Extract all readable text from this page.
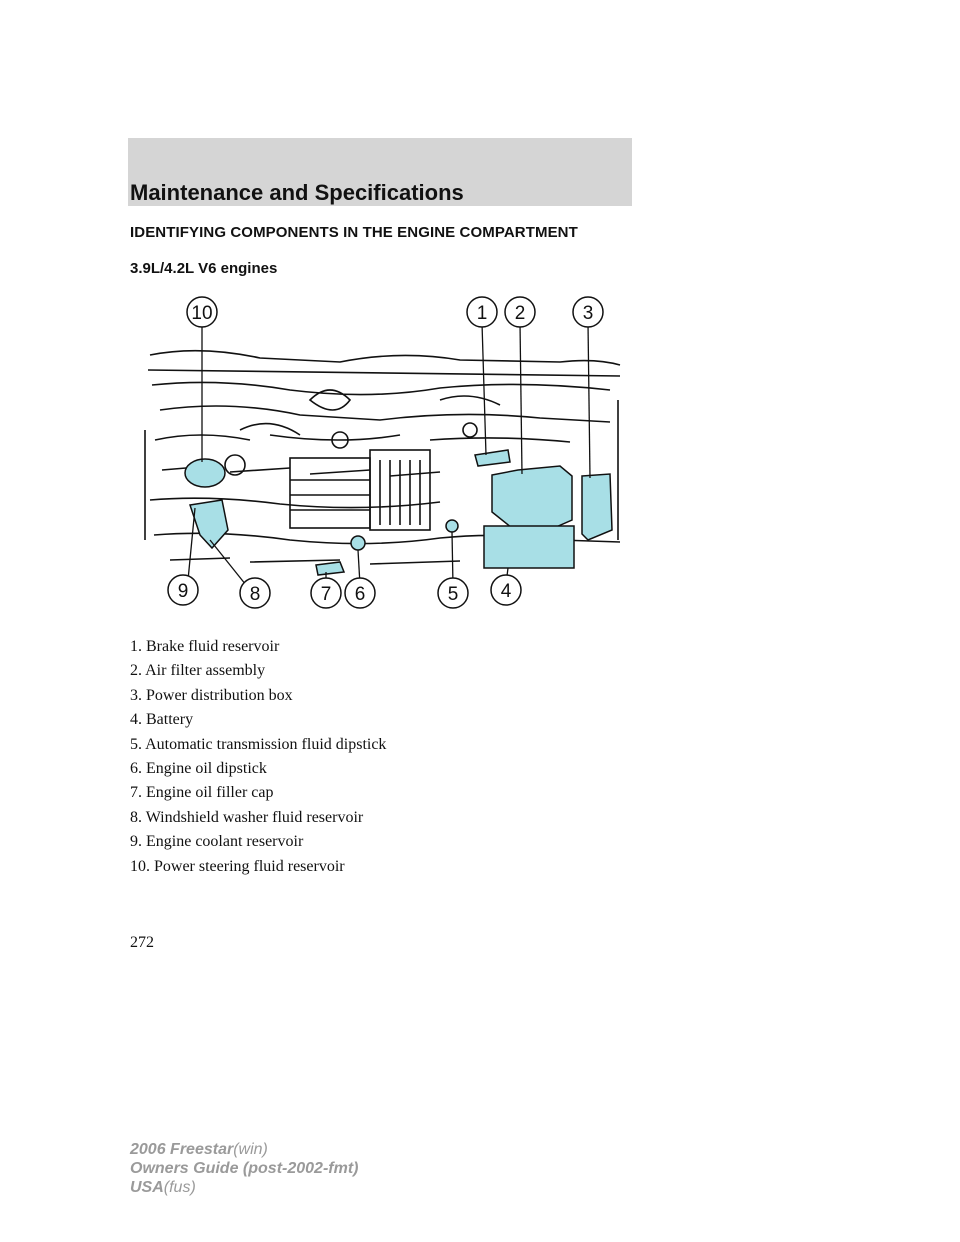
Maintenance and Specifications
IDENTIFYING COMPONENTS IN THE ENGINE COMPARTMENT
3.9L/4.2L V6 engines
10	1 2	3
9	8	7 6	5 4
1. Brake fluid reservoir
2. Air filter assembly
3. Power distribution box
4. Battery
5. Automatic transmission fluid dipstick
6. Engine oil dipstick
7. Engine oil filler cap
8. Windshield washer fluid reservoir
9. Engine coolant reservoir
10. Power steering fluid reservoir
272
2006 Freestar(win)
Owners Guide (post-2002-fmt)
USA(fus)
